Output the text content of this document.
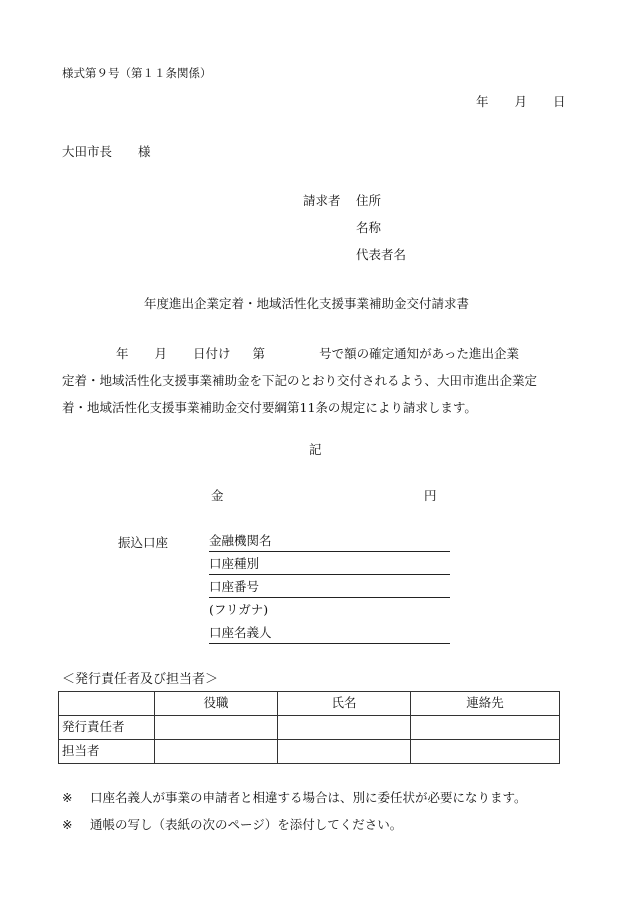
様式第９号（第１１条関係）
年 月 日
大田市長 様
請求者 住所
名称
代表者名
年度進出企業定着・地域活性化支援事業補助金交付請求書
年 月 日付け 第	号で額の確定通知があった進出企業
定着・地域活性化支援事業補助金を下記のとおり交付されるよう、大田市進出企業定
着・地域活性化支援事業補助金交付要綱第11条の規定により請求します。
記
金	円
振込口座	金融機関名
口座種別
口座番号
(フリガナ)
口座名義人
＜発行責任者及び担当者＞
	役職	氏名	連絡先
発行責任者			
担当者			
※ 口座名義人が事業の申請者と相違する場合は、別に委任状が必要になります。
※ 通帳の写し（表紙の次のページ）を添付してください。
